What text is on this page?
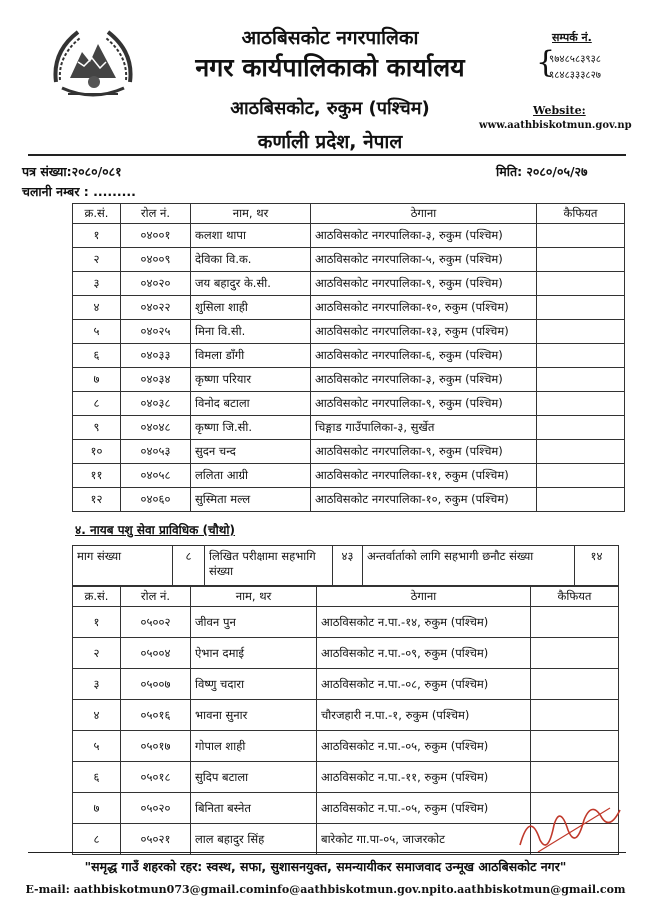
आठबिसकोट नगरपालिका
नगर कार्यपालिकाको कार्यालय
आठबिसकोट, रुकुम (पश्चिम)
कर्णाली प्रदेश, नेपाल
सम्पर्क नं.
{
९७४८५८३९३८
९८४८३३३८२७
Website:
www.aathbiskotmun.gov.np
पत्र संख्या:२०८०/०८१	मिति: २०८०/०५/२७
चलानी नम्बर : .........
क्र.सं.	रोल नं.	नाम, थर	ठेगाना	कैफियत
१	०४००१	कलशा थापा	आठविसकोट नगरपालिका-३, रुकुम (पश्चिम)	
२	०४००९	देविका वि.क.	आठविसकोट नगरपालिका-५, रुकुम (पश्चिम)	
३	०४०२०	जय बहादुर के.सी.	आठविसकोट नगरपालिका-९, रुकुम (पश्चिम)	
४	०४०२२	शुसिला शाही	आठविसकोट नगरपालिका-१०, रुकुम (पश्चिम)	
५	०४०२५	मिना वि.सी.	आठविसकोट नगरपालिका-१३, रुकुम (पश्चिम)	
६	०४०३३	विमला डाँगी	आठविसकोट नगरपालिका-६, रुकुम (पश्चिम)	
७	०४०३४	कृष्णा परियार	आठविसकोट नगरपालिका-३, रुकुम (पश्चिम)	
८	०४०३८	विनोद बटाला	आठविसकोट नगरपालिका-९, रुकुम (पश्चिम)	
९	०४०४८	कृष्णा जि.सी.	चिङ्गाड गाउँपालिका-३, सुर्खेत	
१०	०४०५३	सुदन चन्द	आठविसकोट नगरपालिका-९, रुकुम (पश्चिम)	
११	०४०५८	ललिता आग्री	आठविसकोट नगरपालिका-११, रुकुम (पश्चिम)	
१२	०४०६०	सुस्मिता मल्ल	आठविसकोट नगरपालिका-१०, रुकुम (पश्चिम)	
४. नायब पशु सेवा प्राविधिक (चौथो)
माग संख्या	८	लिखित परीक्षामा सहभागि संख्या	४३	अन्तर्वार्ताको लागि सहभागी छनौट संख्या	१४
क्र.सं.	रोल नं.	नाम, थर	ठेगाना	कैफियत
१	०५००२	जीवन पुन	आठविसकोट न.पा.-१४, रुकुम (पश्चिम)	
२	०५००४	ऐभान दमाई	आठविसकोट न.पा.-०९, रुकुम (पश्चिम)	
३	०५००७	विष्णु चदारा	आठविसकोट न.पा.-०८, रुकुम (पश्चिम)	
४	०५०१६	भावना सुनार	चौरजहारी न.पा.-१, रुकुम (पश्चिम)	
५	०५०१७	गोपाल शाही	आठविसकोट न.पा.-०५, रुकुम (पश्चिम)	
६	०५०१८	सुदिप बटाला	आठविसकोट न.पा.-११, रुकुम (पश्चिम)	
७	०५०२०	बिनिता बस्नेत	आठविसकोट न.पा.-०५, रुकुम (पश्चिम)	
८	०५०२१	लाल बहादुर सिंह	बारेकोट गा.पा-०५, जाजरकोट	
"समृद्ध गाउँ शहरको रहर: स्वस्थ, सफा, सुशासनयुक्त, समन्यायीकर समाजवाद उन्मूख आठबिसकोट नगर"
E-mail: aathbiskotmun073@gmail.cominfo@aathbiskotmun.gov.npito.aathbiskotmun@gmail.com
